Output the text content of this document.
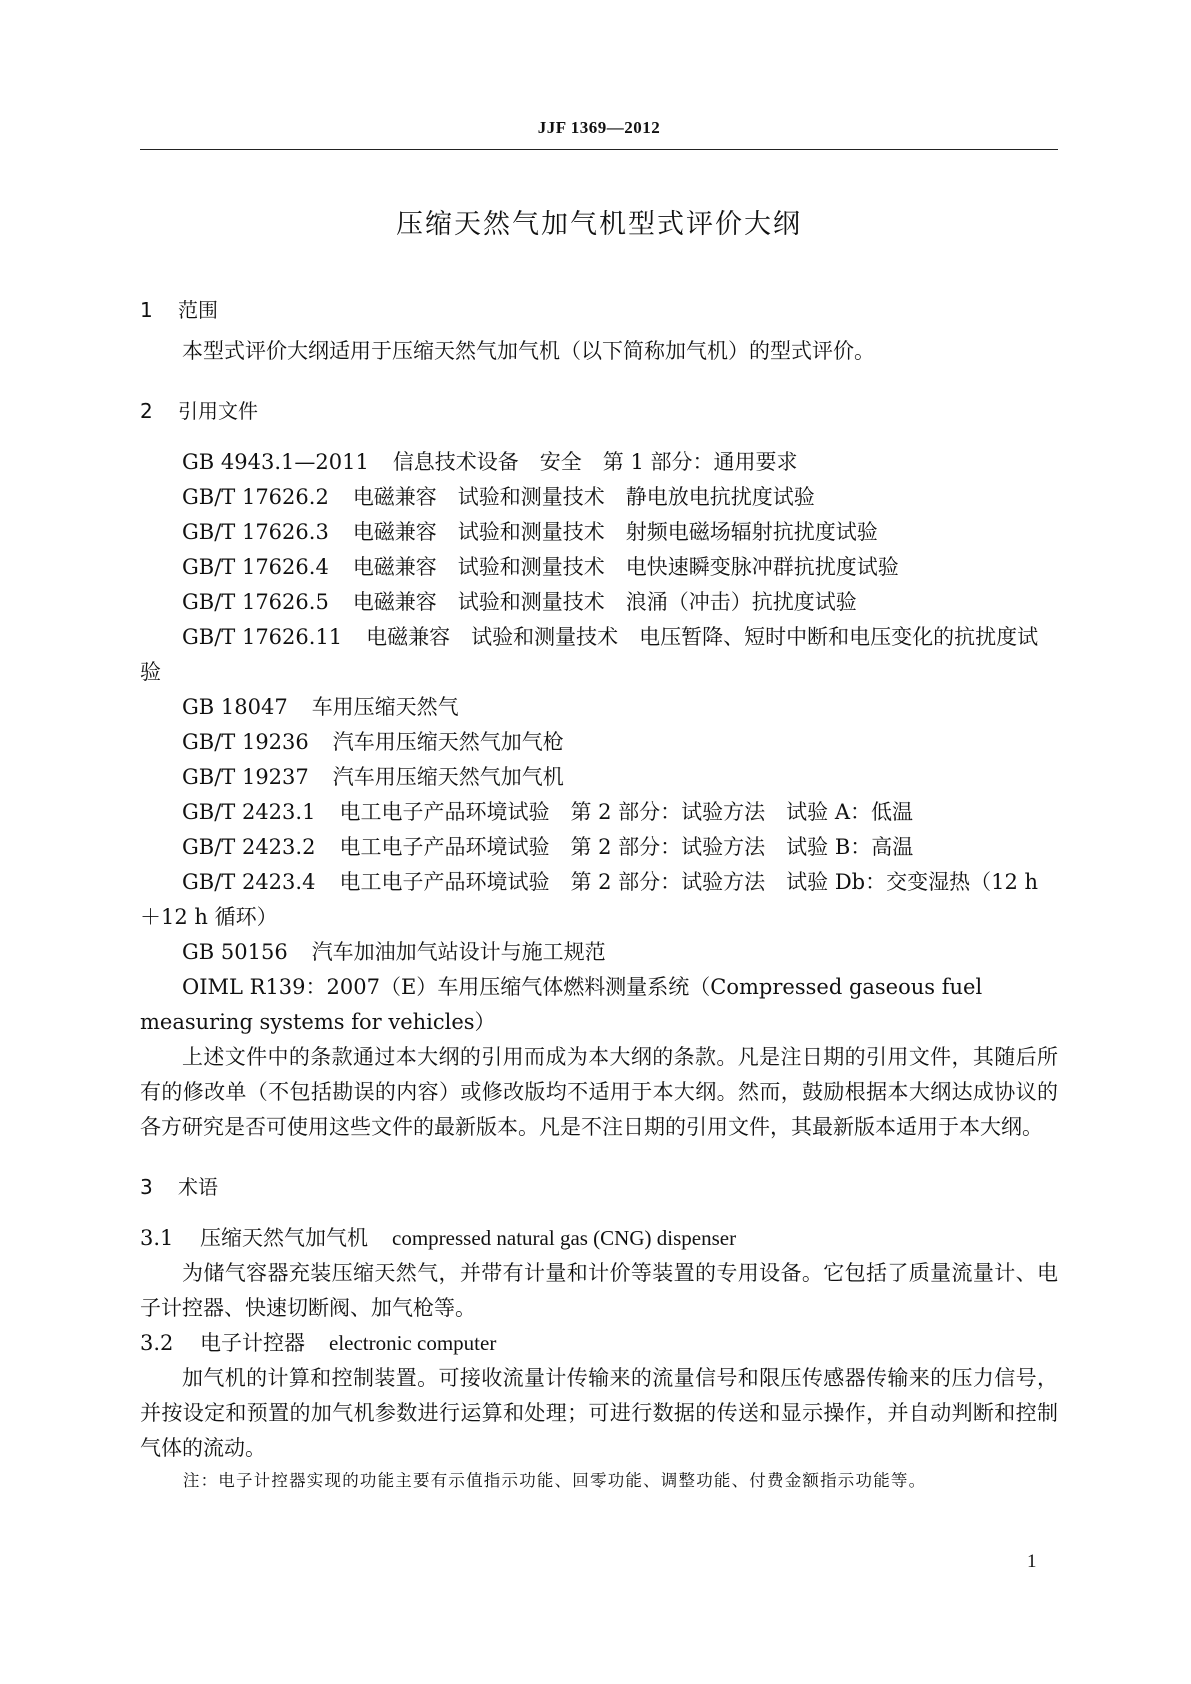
JJF 1369—2012
压缩天然气加气机型式评价大纲
1 范围

本型式评价大纲适用于压缩天然气加气机（以下简称加气机）的型式评价。

2 引用文件

GB 4943.1—2011 信息技术设备　安全　第 1 部分：通用要求

GB/T 17626.2 电磁兼容　试验和测量技术　静电放电抗扰度试验

GB/T 17626.3 电磁兼容　试验和测量技术　射频电磁场辐射抗扰度试验

GB/T 17626.4 电磁兼容　试验和测量技术　电快速瞬变脉冲群抗扰度试验

GB/T 17626.5 电磁兼容　试验和测量技术　浪涌（冲击）抗扰度试验

GB/T 17626.11 电磁兼容　试验和测量技术　电压暂降、短时中断和电压变化的抗扰度试验

GB 18047 车用压缩天然气

GB/T 19236 汽车用压缩天然气加气枪

GB/T 19237 汽车用压缩天然气加气机

GB/T 2423.1 电工电子产品环境试验　第 2 部分：试验方法　试验 A：低温

GB/T 2423.2 电工电子产品环境试验　第 2 部分：试验方法　试验 B：高温

GB/T 2423.4 电工电子产品环境试验　第 2 部分：试验方法　试验 Db：交变湿热（12 h＋12 h 循环）

GB 50156 汽车加油加气站设计与施工规范

OIML R139：2007（E）车用压缩气体燃料测量系统（Compressed gaseous fuel measuring systems for vehicles）

上述文件中的条款通过本大纲的引用而成为本大纲的条款。凡是注日期的引用文件，其随后所有的修改单（不包括勘误的内容）或修改版均不适用于本大纲。然而，鼓励根据本大纲达成协议的各方研究是否可使用这些文件的最新版本。凡是不注日期的引用文件，其最新版本适用于本大纲。

3 术语

3.1 压缩天然气加气机 compressed natural gas (CNG) dispenser

为储气容器充装压缩天然气，并带有计量和计价等装置的专用设备。它包括了质量流量计、电子计控器、快速切断阀、加气枪等。

3.2 电子计控器 electronic computer

加气机的计算和控制装置。可接收流量计传输来的流量信号和限压传感器传输来的压力信号，并按设定和预置的加气机参数进行运算和处理；可进行数据的传送和显示操作，并自动判断和控制气体的流动。

注：电子计控器实现的功能主要有示值指示功能、回零功能、调整功能、付费金额指示功能等。

1
